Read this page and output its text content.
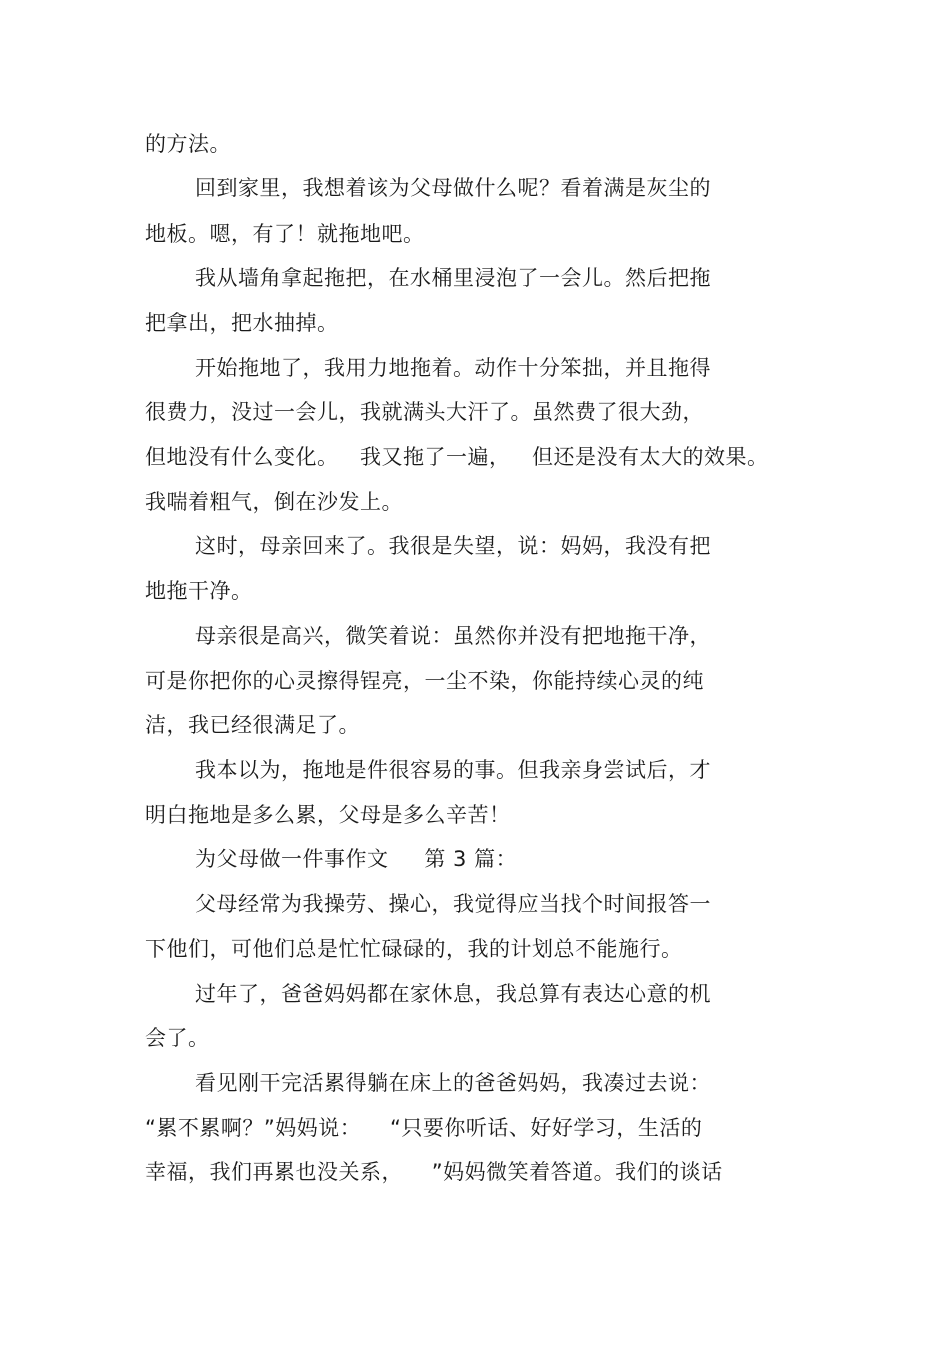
的方法。
回到家里，我想着该为父母做什么呢？看着满是灰尘的
地板。嗯，有了！就拖地吧。
我从墙角拿起拖把，在水桶里浸泡了一会儿。然后把拖
把拿出，把水抽掉。
开始拖地了，我用力地拖着。动作十分笨拙，并且拖得
很费力，没过一会儿，我就满头大汗了。虽然费了很大劲，
但地没有什么变化。   我又拖了一遍，   但还是没有太大的效果。
我喘着粗气，倒在沙发上。
这时，母亲回来了。我很是失望，说：妈妈，我没有把
地拖干净。
母亲很是高兴，微笑着说：虽然你并没有把地拖干净，
可是你把你的心灵擦得锃亮，一尘不染，你能持续心灵的纯
洁，我已经很满足了。
我本以为，拖地是件很容易的事。但我亲身尝试后，才
明白拖地是多么累，父母是多么辛苦！
为父母做一件事作文     第 3 篇：
父母经常为我操劳、操心，我觉得应当找个时间报答一
下他们，可他们总是忙忙碌碌的，我的计划总不能施行。
过年了，爸爸妈妈都在家休息，我总算有表达心意的机
会了。
看见刚干完活累得躺在床上的爸爸妈妈，我凑过去说：
“累不累啊？”妈妈说：    “只要你听话、好好学习，生活的
幸福，我们再累也没关系，    ”妈妈微笑着答道。我们的谈话
